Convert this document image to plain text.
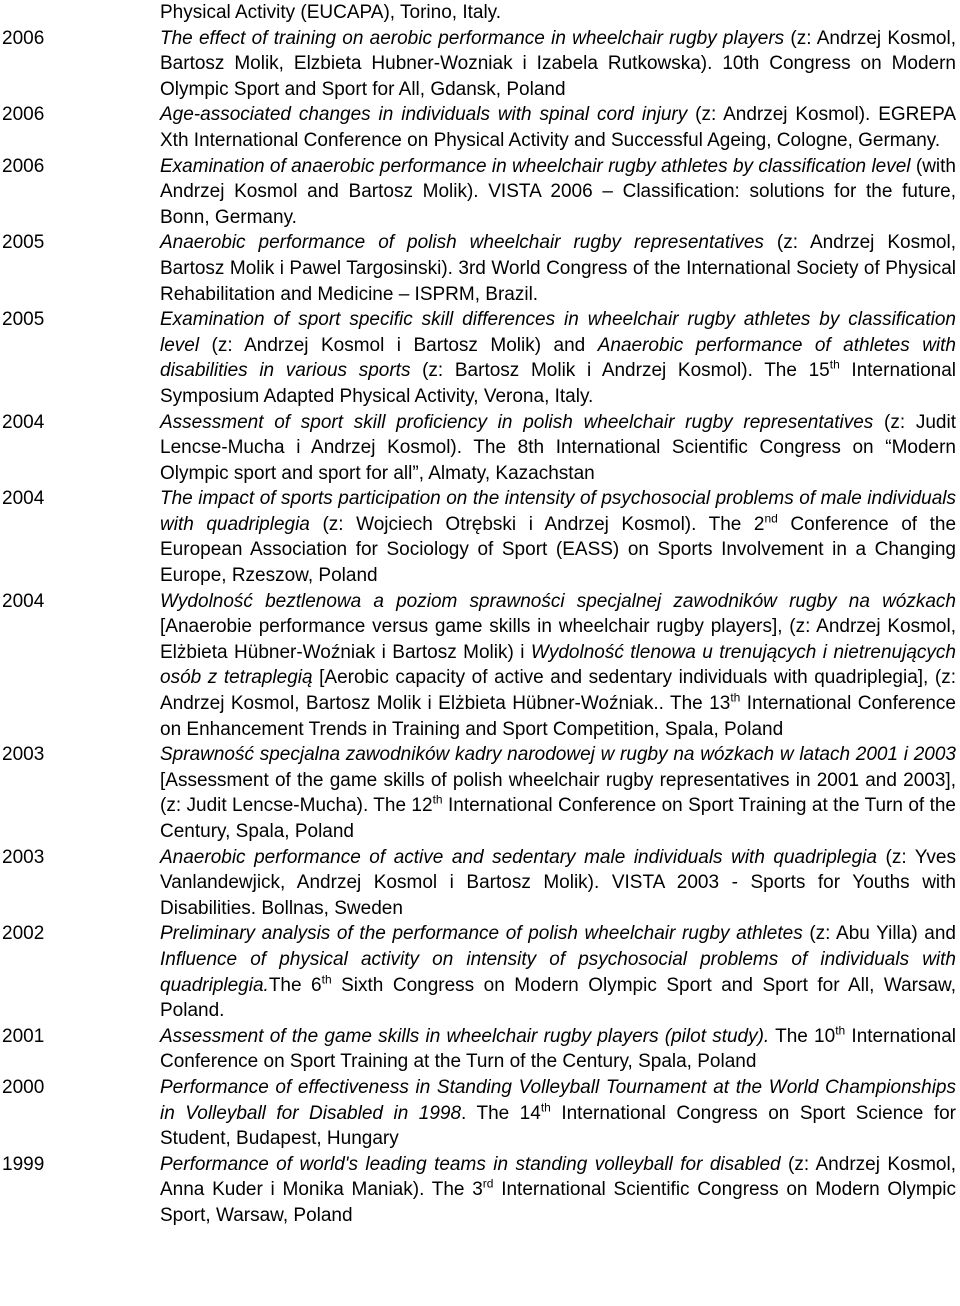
Physical Activity (EUCAPA), Torino, Italy.

2006	The effect of training on aerobic performance in wheelchair rugby players (z: Andrzej Kosmol, Bartosz Molik, Elzbieta Hubner-Wozniak i Izabela Rutkowska). 10th Congress on Modern Olympic Sport and Sport for All, Gdansk, Poland

2006	Age-associated changes in individuals with spinal cord injury (z: Andrzej Kosmol). EGREPA Xth International Conference on Physical Activity and Successful Ageing, Cologne, Germany.

2006	Examination of anaerobic performance in wheelchair rugby athletes by classification level (with Andrzej Kosmol and Bartosz Molik). VISTA 2006 – Classification: solutions for the future, Bonn, Germany.

2005	Anaerobic performance of polish wheelchair rugby representatives (z: Andrzej Kosmol, Bartosz Molik i Pawel Targosinski). 3rd World Congress of the International Society of Physical Rehabilitation and Medicine – ISPRM, Brazil.

2005	Examination of sport specific skill differences in wheelchair rugby athletes by classification level (z: Andrzej Kosmol i Bartosz Molik) and Anaerobic performance of athletes with disabilities in various sports (z: Bartosz Molik i Andrzej Kosmol). The 15th International Symposium Adapted Physical Activity, Verona, Italy.

2004	Assessment of sport skill proficiency in polish wheelchair rugby representatives (z: Judit Lencse-Mucha i Andrzej Kosmol). The 8th International Scientific Congress on “Modern Olympic sport and sport for all”, Almaty, Kazachstan

2004	The impact of sports participation on the intensity of psychosocial problems of male individuals with quadriplegia (z: Wojciech Otrębski i Andrzej Kosmol). The 2nd Conference of the European Association for Sociology of Sport (EASS) on Sports Involvement in a Changing Europe, Rzeszow, Poland

2004	Wydolność beztlenowa a poziom sprawności specjalnej zawodników rugby na wózkach [Anaerobie performance versus game skills in wheelchair rugby players], (z: Andrzej Kosmol, Elżbieta Hübner-Woźniak i Bartosz Molik) i Wydolność tlenowa u trenujących i nietrenujących osób z tetraplegią [Aerobic capacity of active and sedentary individuals with quadriplegia], (z: Andrzej Kosmol, Bartosz Molik i Elżbieta Hübner-Woźniak.. The 13th International Conference on Enhancement Trends in Training and Sport Competition, Spala, Poland

2003	Sprawność specjalna zawodników kadry narodowej w rugby na wózkach w latach 2001 i 2003 [Assessment of the game skills of polish wheelchair rugby representatives in 2001 and 2003], (z: Judit Lencse-Mucha). The 12th International Conference on Sport Training at the Turn of the Century, Spala, Poland

2003	Anaerobic performance of active and sedentary male individuals with quadriplegia (z: Yves Vanlandewjick, Andrzej Kosmol i Bartosz Molik). VISTA 2003 - Sports for Youths with Disabilities. Bollnas, Sweden

2002	Preliminary analysis of the performance of polish wheelchair rugby athletes (z: Abu Yilla) and Influence of physical activity on intensity of psychosocial problems of individuals with quadriplegia.The 6th Sixth Congress on Modern Olympic Sport and Sport for All, Warsaw, Poland.

2001	Assessment of the game skills in wheelchair rugby players (pilot study). The 10th International Conference on Sport Training at the Turn of the Century, Spala, Poland

2000	Performance of effectiveness in Standing Volleyball Tournament at the World Championships in Volleyball for Disabled in 1998. The 14th International Congress on Sport Science for Student, Budapest, Hungary

1999	Performance of world's leading teams in standing volleyball for disabled (z: Andrzej Kosmol, Anna Kuder i Monika Maniak). The 3rd International Scientific Congress on Modern Olympic Sport, Warsaw, Poland
